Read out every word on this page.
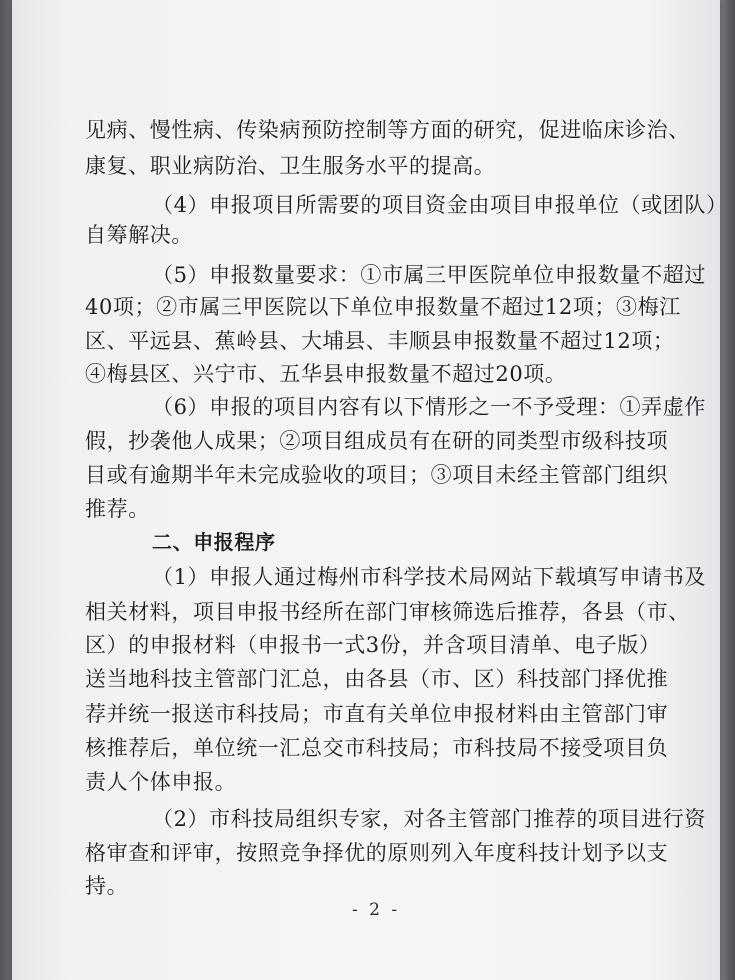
见病、慢性病、传染病预防控制等方面的研究，促进临床诊治、
康复、职业病防治、卫生服务水平的提高。
（4）申报项目所需要的项目资金由项目申报单位（或团队）
自筹解决。
（5）申报数量要求：①市属三甲医院单位申报数量不超过
40项；②市属三甲医院以下单位申报数量不超过12项；③梅江
区、平远县、蕉岭县、大埔县、丰顺县申报数量不超过12项；
④梅县区、兴宁市、五华县申报数量不超过20项。
（6）申报的项目内容有以下情形之一不予受理：①弄虚作
假，抄袭他人成果；②项目组成员有在研的同类型市级科技项
目或有逾期半年未完成验收的项目；③项目未经主管部门组织
推荐。
二、申报程序
（1）申报人通过梅州市科学技术局网站下载填写申请书及
相关材料，项目申报书经所在部门审核筛选后推荐，各县（市、
区）的申报材料（申报书一式3份，并含项目清单、电子版）
送当地科技主管部门汇总，由各县（市、区）科技部门择优推
荐并统一报送市科技局；市直有关单位申报材料由主管部门审
核推荐后，单位统一汇总交市科技局；市科技局不接受项目负
责人个体申报。
（2）市科技局组织专家，对各主管部门推荐的项目进行资
格审查和评审，按照竞争择优的原则列入年度科技计划予以支
持。
- 2 -
